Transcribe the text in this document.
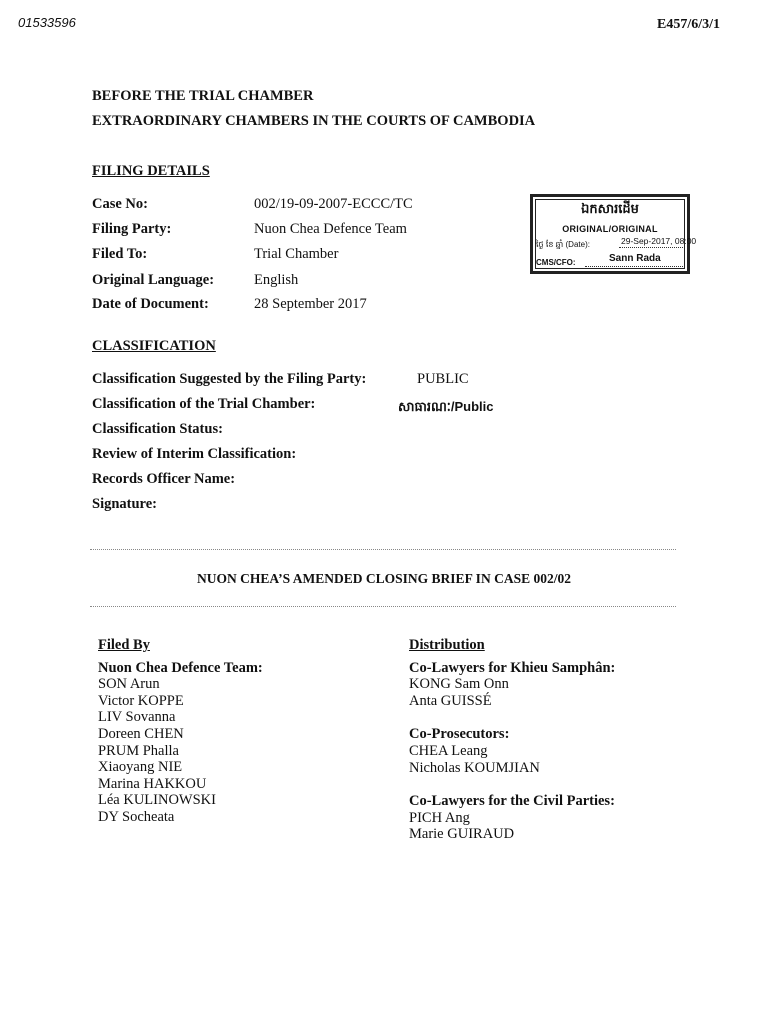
01533596	E457/6/3/1
BEFORE THE TRIAL CHAMBER
EXTRAORDINARY CHAMBERS IN THE COURTS OF CAMBODIA
FILING DETAILS
Case No:	002/19-09-2007-ECCC/TC
Filing Party:	Nuon Chea Defence Team
Filed To:	Trial Chamber
Original Language:	English
Date of Document:	28 September 2017
ឯកសារដើម
ORIGINAL/ORIGINAL
ថ្ងៃ ខែ ឆ្នាំ (Date):	29-Sep-2017, 08:00
CMS/CFO:	Sann Rada
CLASSIFICATION
Classification Suggested by the Filing Party:	PUBLIC
Classification of the Trial Chamber:	សាធារណៈ/Public
Classification Status:
Review of Interim Classification:
Records Officer Name:
Signature:
NUON CHEA’S AMENDED CLOSING BRIEF IN CASE 002/02
Filed By
Nuon Chea Defence Team:
SON Arun
Victor KOPPE
LIV Sovanna
Doreen CHEN
PRUM Phalla
Xiaoyang NIE
Marina HAKKOU
Léa KULINOWSKI
DY Socheata
Distribution
Co-Lawyers for Khieu Samphân:
KONG Sam Onn
Anta GUISSÉ
Co-Prosecutors:
CHEA Leang
Nicholas KOUMJIAN
Co-Lawyers for the Civil Parties:
PICH Ang
Marie GUIRAUD
